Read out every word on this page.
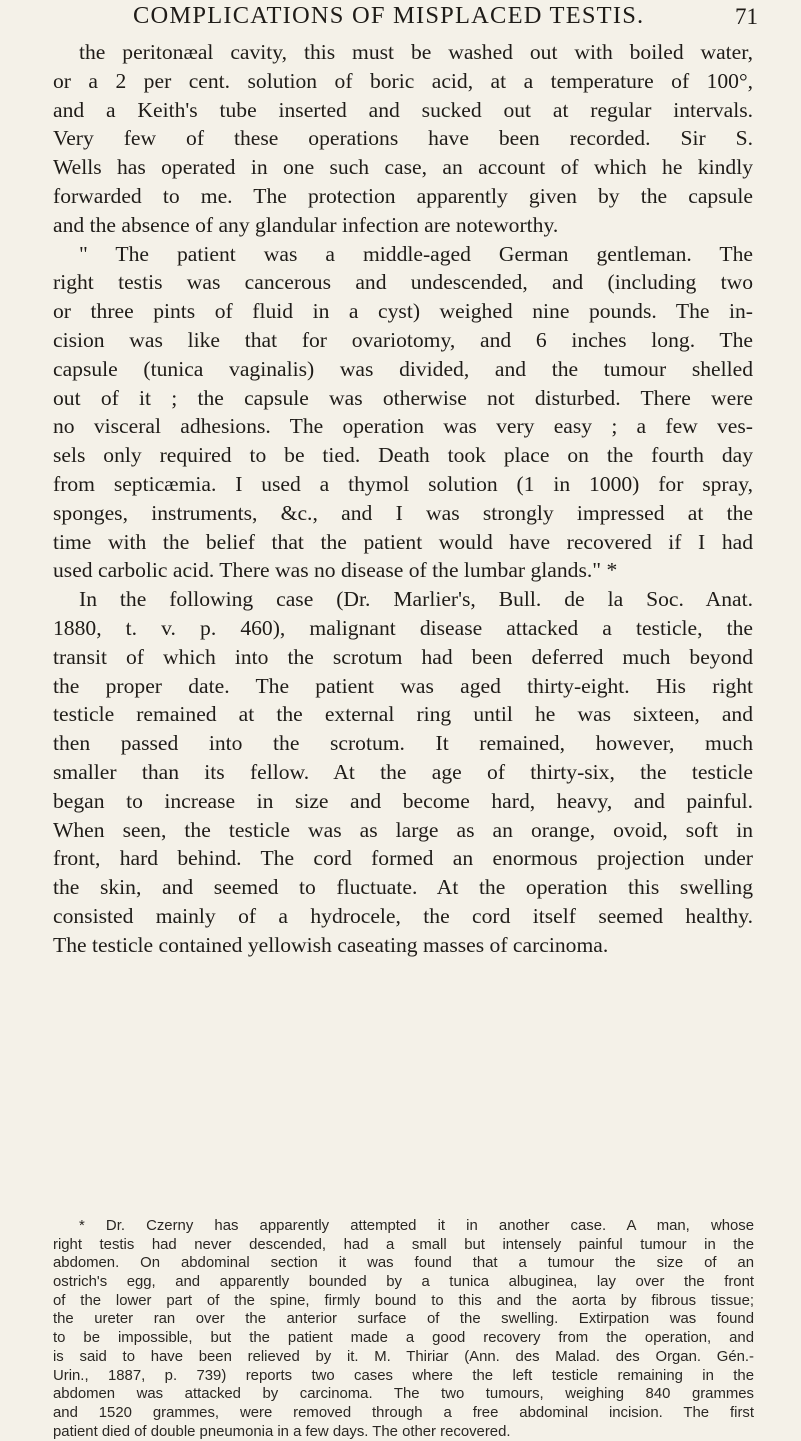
COMPLICATIONS OF MISPLACED TESTIS.	71
the peritonæal cavity, this must be washed out with boiled water,
or a 2 per cent. solution of boric acid, at a temperature of 100°,
and a Keith's tube inserted and sucked out at regular intervals.
Very few of these operations have been recorded. Sir S.
Wells has operated in one such case, an account of which he kindly
forwarded to me. The protection apparently given by the capsule
and the absence of any glandular infection are noteworthy.
" The patient was a middle-aged German gentleman. The
right testis was cancerous and undescended, and (including two
or three pints of fluid in a cyst) weighed nine pounds. The in-
cision was like that for ovariotomy, and 6 inches long. The
capsule (tunica vaginalis) was divided, and the tumour shelled
out of it ; the capsule was otherwise not disturbed. There were
no visceral adhesions. The operation was very easy ; a few ves-
sels only required to be tied. Death took place on the fourth day
from septicæmia. I used a thymol solution (1 in 1000) for spray,
sponges, instruments, &c., and I was strongly impressed at the
time with the belief that the patient would have recovered if I had
used carbolic acid. There was no disease of the lumbar glands." *
In the following case (Dr. Marlier's, Bull. de la Soc. Anat.
1880, t. v. p. 460), malignant disease attacked a testicle, the
transit of which into the scrotum had been deferred much beyond
the proper date. The patient was aged thirty-eight. His right
testicle remained at the external ring until he was sixteen, and
then passed into the scrotum. It remained, however, much
smaller than its fellow. At the age of thirty-six, the testicle
began to increase in size and become hard, heavy, and painful.
When seen, the testicle was as large as an orange, ovoid, soft in
front, hard behind. The cord formed an enormous projection under
the skin, and seemed to fluctuate. At the operation this swelling
consisted mainly of a hydrocele, the cord itself seemed healthy.
The testicle contained yellowish caseating masses of carcinoma.
* Dr. Czerny has apparently attempted it in another case. A man, whose
right testis had never descended, had a small but intensely painful tumour in the
abdomen. On abdominal section it was found that a tumour the size of an
ostrich's egg, and apparently bounded by a tunica albuginea, lay over the front
of the lower part of the spine, firmly bound to this and the aorta by fibrous tissue;
the ureter ran over the anterior surface of the swelling. Extirpation was found
to be impossible, but the patient made a good recovery from the operation, and
is said to have been relieved by it. M. Thiriar (Ann. des Malad. des Organ. Gén.-
Urin., 1887, p. 739) reports two cases where the left testicle remaining in the
abdomen was attacked by carcinoma. The two tumours, weighing 840 grammes
and 1520 grammes, were removed through a free abdominal incision. The first
patient died of double pneumonia in a few days. The other recovered.
